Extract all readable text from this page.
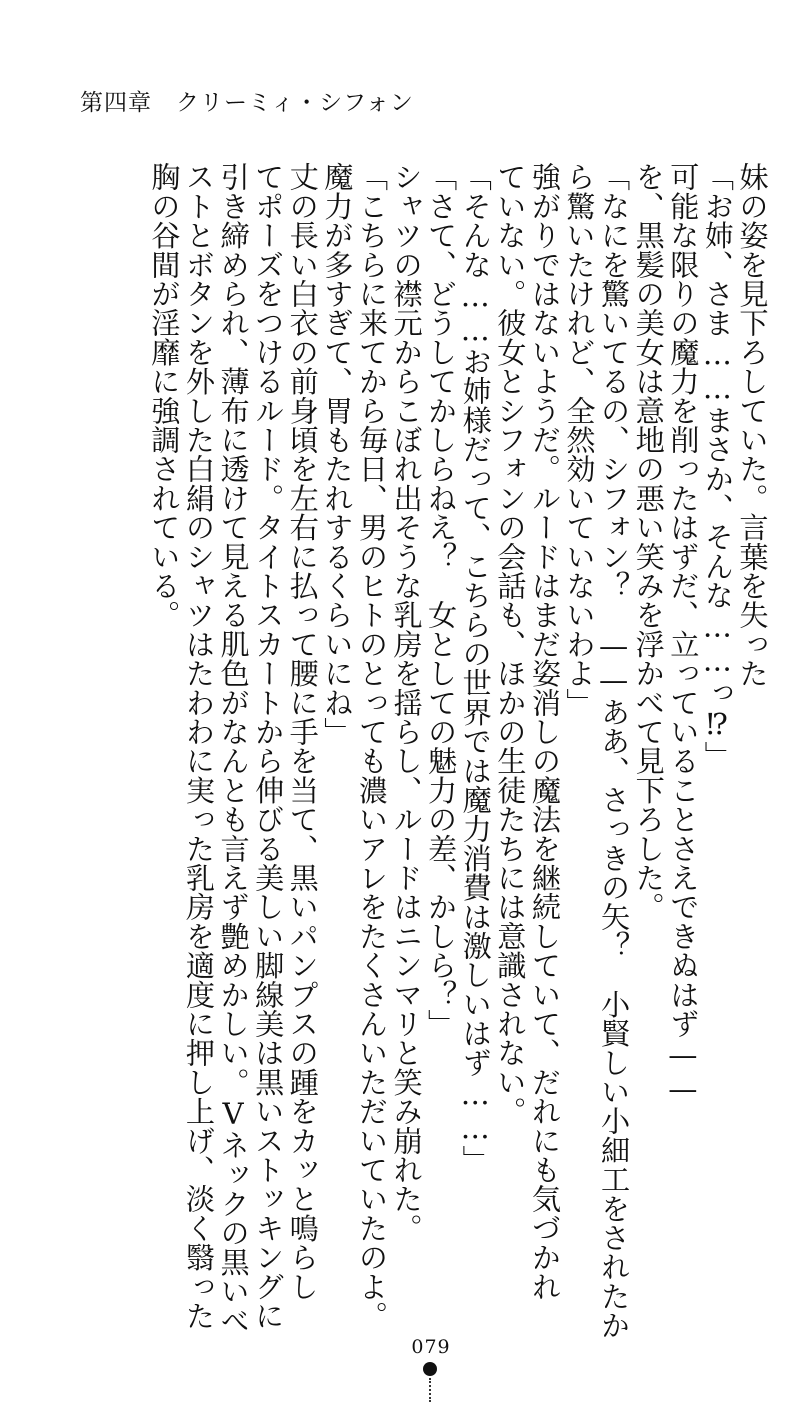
第四章 クリーミィ・シフォン
妹の姿を見下ろしていた。言葉を失った
「お姉、さま……まさか、そんな……っ⁉」
可能な限りの魔力を削ったはずだ、立っていることさえできぬはず——
を、黒髪の美女は意地の悪い笑みを浮かべて見下ろした。
「なにを驚いてるの、シフォン？　——ああ、さっきの矢？　小賢しい小細工をされたか
ら驚いたけれど、全然効いていないわよ」
強がりではないようだ。ルードはまだ姿消しの魔法を継続していて、だれにも気づかれ
ていない。彼女とシフォンの会話も、ほかの生徒たちには意識されない。
「そんな……お姉様だって、こちらの世界では魔力消費は激しいはず……」
「さて、どうしてかしらねえ？　女としての魅力の差、かしら？」
シャツの襟元からこぼれ出そうな乳房を揺らし、ルードはニンマリと笑み崩れた。
「こちらに来てから毎日、男のヒトのとっても濃いアレをたくさんいただいていたのよ。
魔力が多すぎて、胃もたれするくらいにね」
丈の長い白衣の前身頃を左右に払って腰に手を当て、黒いパンプスの踵をカッと鳴らし
てポーズをつけるルード。タイトスカートから伸びる美しい脚線美は黒いストッキングに
引き締められ、薄布に透けて見える肌色がなんとも言えず艶めかしい。Vネックの黒いべ
ストとボタンを外した白絹のシャツはたわわに実った乳房を適度に押し上げ、淡く翳った
胸の谷間が淫靡に強調されている。
079
